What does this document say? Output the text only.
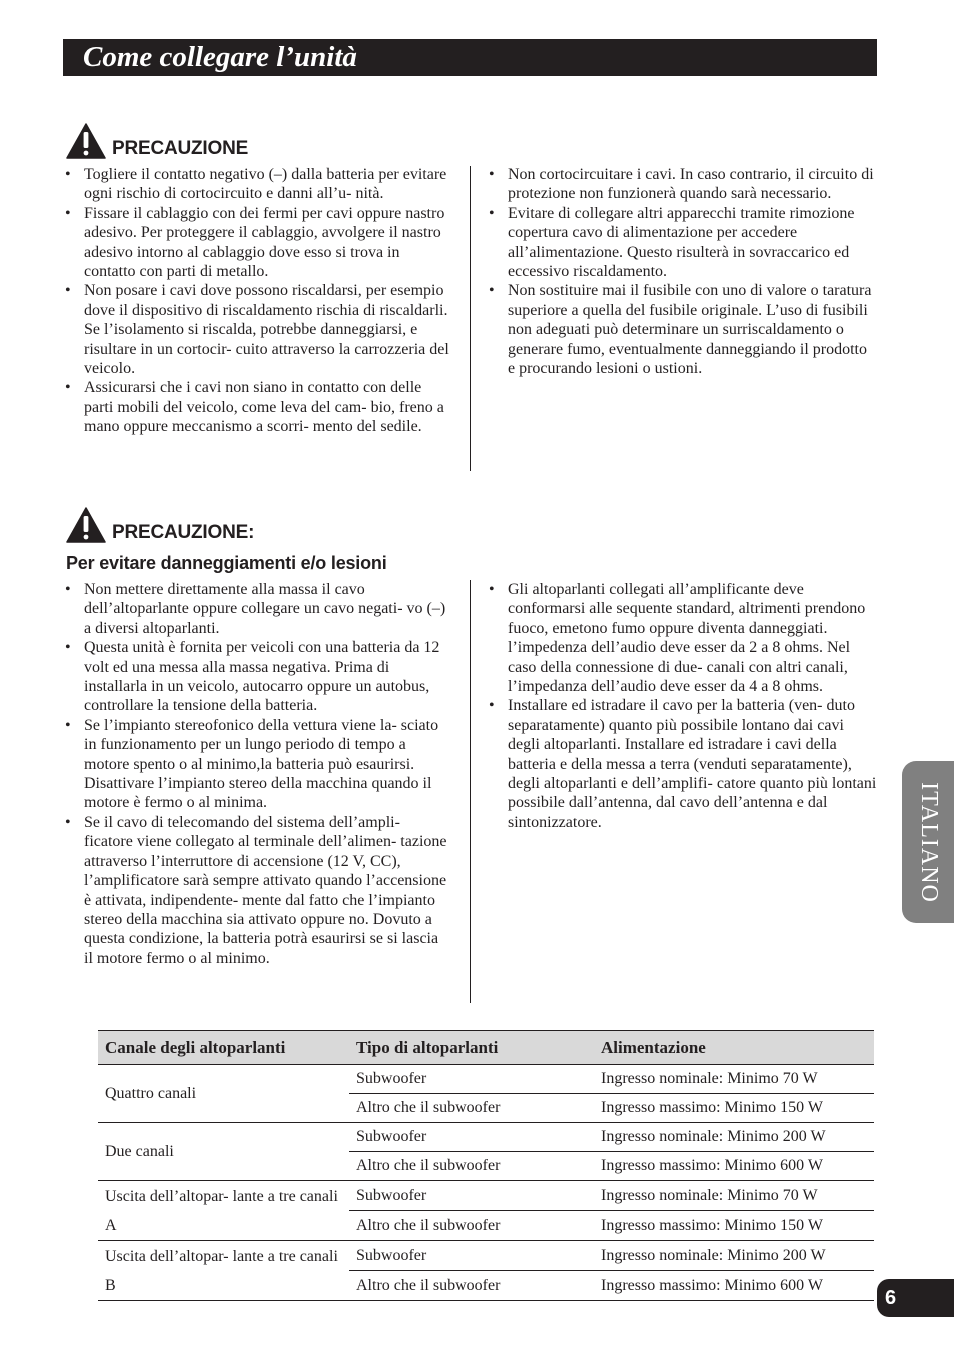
Come collegare l’unità
PRECAUZIONE
• Togliere il contatto negativo (–) dalla batteria per evitare ogni rischio di cortocircuito e danni all’u- nità.
• Fissare il cablaggio con dei fermi per cavi oppure nastro adesivo. Per proteggere il cablaggio, avvolgere il nastro adesivo intorno al cablaggio dove esso si trova in contatto con parti di metallo.
• Non posare i cavi dove possono riscaldarsi, per esempio dove il dispositivo di riscaldamento rischia di riscaldarli. Se l’isolamento si riscalda, potrebbe danneggiarsi, e risultare in un cortocir- cuito attraverso la carrozzeria del veicolo.
• Assicurarsi che i cavi non siano in contatto con delle parti mobili del veicolo, come leva del cam- bio, freno a mano oppure meccanismo a scorri- mento del sedile.
• Non cortocircuitare i cavi. In caso contrario, il circuito di protezione non funzionerà quando sarà necessario.
• Evitare di collegare altri apparecchi tramite rimozione copertura cavo di alimentazione per accedere all’alimentazione. Questo risulterà in sovraccarico ed eccessivo riscaldamento.
• Non sostituire mai il fusibile con uno di valore o taratura superiore a quella del fusibile originale. L’uso di fusibili non adeguati può determinare un surriscaldamento o generare fumo, eventualmente danneggiando il prodotto e procurando lesioni o ustioni.
PRECAUZIONE:
Per evitare danneggiamenti e/o lesioni
• Non mettere direttamente alla massa il cavo dell’altoparlante oppure collegare un cavo negati- vo (–) a diversi altoparlanti.
• Questa unità è fornita per veicoli con una batteria da 12 volt ed una messa alla massa negativa. Prima di installarla in un veicolo, autocarro oppure un autobus, controllare la tensione della batteria.
• Se l’impianto stereofonico della vettura viene la- sciato in funzionamento per un lungo periodo di tempo a motore spento o al minimo,la batteria può esaurirsi. Disattivare l’impianto stereo della macchina quando il motore è fermo o al minima.
• Se il cavo di telecomando del sistema dell’ampli- ficatore viene collegato al terminale dell’alimen- tazione attraverso l’interruttore di accensione (12 V, CC), l’amplificatore sarà sempre attivato quando l’accensione è attivata, indipendente- mente dal fatto che l’impianto stereo della macchina sia attivato oppure no. Dovuto a questa condizione, la batteria potrà esaurirsi se si lascia il motore fermo o al minimo.
• Gli altoparlanti collegati all’amplificante deve conformarsi alle sequente standard, altrimenti prendono fuoco, emetono fumo oppure diventa danneggiati. l’impedenza dell’audio deve esser da 2 a 8 ohms. Nel caso della connessione di due- canali con altri canali, l’impedanza dell’audio deve esser da 4 a 8 ohms.
• Installare ed istradare il cavo per la batteria (ven- duto separatamente) quanto più possibile lontano dai cavi degli altoparlanti. Installare ed istradare i cavi della batteria e della messa a terra (venduti separatamente), degli altoparlanti e dell’amplifi- catore quanto più lontani possibile dall’antenna, dal cavo dell’antenna e dal sintonizzatore.
Canale degli altoparlanti	Tipo di altoparlanti	Alimentazione
Quattro canali	Subwoofer	Ingresso nominale: Minimo 70 W
	Altro che il subwoofer	Ingresso massimo: Minimo 150 W
Due canali	Subwoofer	Ingresso nominale: Minimo 200 W
	Altro che il subwoofer	Ingresso massimo: Minimo 600 W
Uscita dell’altopar- lante a tre canali A	Subwoofer	Ingresso nominale: Minimo 70 W
	Altro che il subwoofer	Ingresso massimo: Minimo 150 W
Uscita dell’altopar- lante a tre canali B	Subwoofer	Ingresso nominale: Minimo 200 W
	Altro che il subwoofer	Ingresso massimo: Minimo 600 W
ITALIANO
6
